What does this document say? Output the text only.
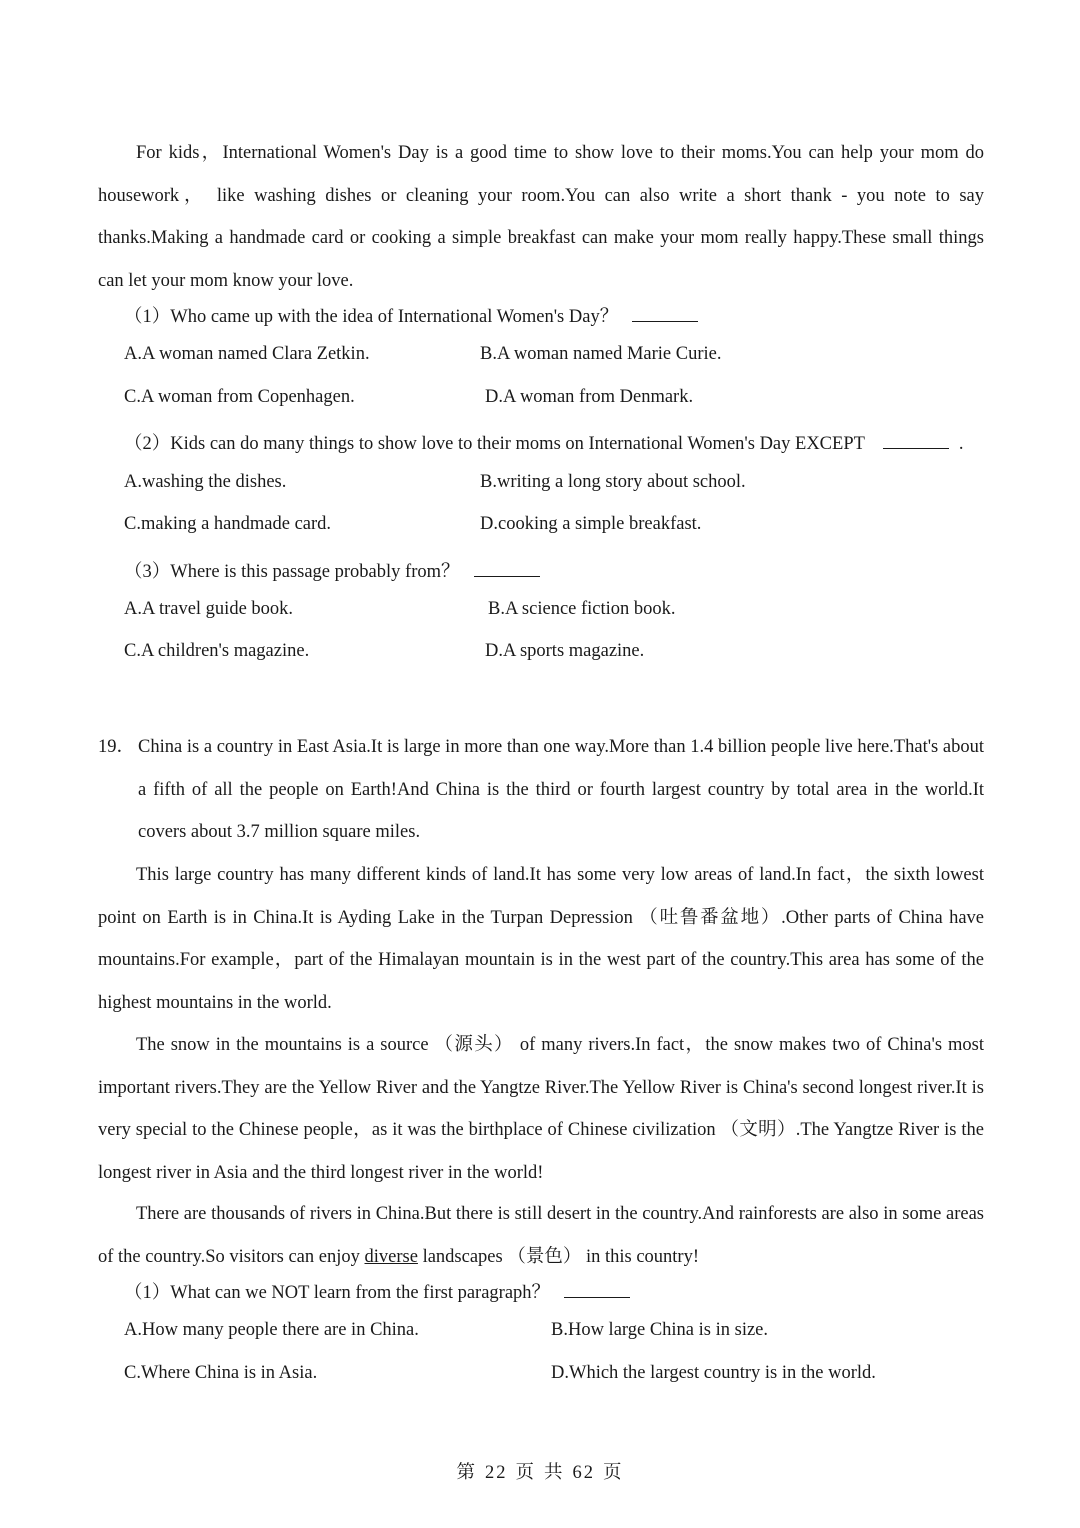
For kids，International Women's Day is a good time to show love to their moms.You can help your mom do housework， like washing dishes or cleaning your room.You can also write a short thank - you note to say thanks.Making a handmade card or cooking a simple breakfast can make your mom really happy.These small things can let your mom know your love.

（1）Who came up with the idea of International Women's Day？

A.A woman named Clara Zetkin.	B.A woman named Marie Curie.

C.A woman from Copenhagen.	D.A woman from Denmark.

（2）Kids can do many things to show love to their moms on International Women's Day EXCEPT	.

A.washing the dishes.	B.writing a long story about school.

C.making a handmade card.	D.cooking a simple breakfast.

（3）Where is this passage probably from？

A.A travel guide book.	B.A science fiction book.

C.A children's magazine.	D.A sports magazine.

19． China is a country in East Asia.It is large in more than one way.More than 1.4 billion people live here.That's about a fifth of all the people on Earth!And China is the third or fourth largest country by total area in the world.It covers about 3.7 million square miles.

This large country has many different kinds of land.It has some very low areas of land.In fact，the sixth lowest point on Earth is in China.It is Ayding Lake in the Turpan Depression （吐鲁番盆地）.Other parts of China have mountains.For example，part of the Himalayan mountain is in the west part of the country.This area has some of the highest mountains in the world.

The snow in the mountains is a source （源头） of many rivers.In fact，the snow makes two of China's most important rivers.They are the Yellow River and the Yangtze River.The Yellow River is China's second longest river.It is very special to the Chinese people，as it was the birthplace of Chinese civilization （文明）.The Yangtze River is the longest river in Asia and the third longest river in the world!

There are thousands of rivers in China.But there is still desert in the country.And rainforests are also in some areas of the country.So visitors can enjoy diverse landscapes （景色） in this country!

（1）What can we NOT learn from the first paragraph？

A.How many people there are in China.	B.How large China is in size.

C.Where China is in Asia.	D.Which the largest country is in the world.

第 22 页 共 62 页
